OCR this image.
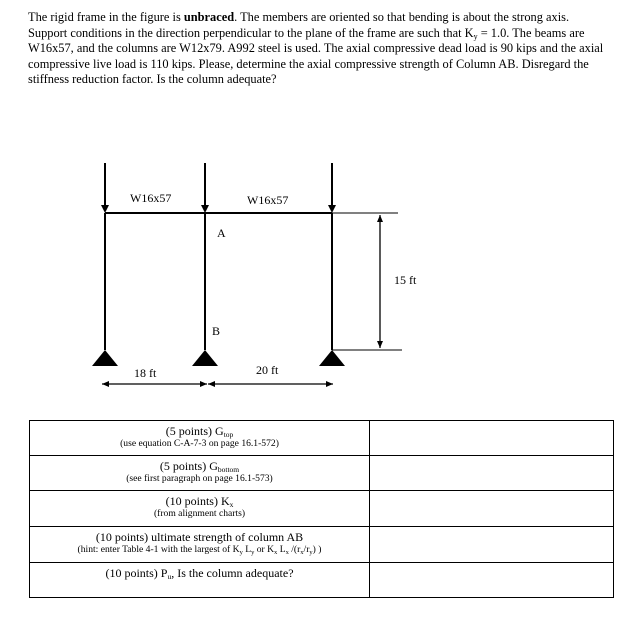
The rigid frame in the figure is unbraced. The members are oriented so that bending is about the strong axis. Support conditions in the direction perpendicular to the plane of the frame are such that $K_y = 1.0$. The beams are W16x57, and the columns are W12x79. A992 steel is used. The axial compressive dead load is 90 kips and the axial compressive live load is 110 kips. Please, determine the axial compressive strength of Column AB. Disregard the stiffness reduction factor. Is the column adequate?

W16x57	W16x57
A
B
15 ft
18 ft	20 ft
(5 points) $G_{top}$
(use equation C-A-7-3 on page 16.1-572)	

(5 points) $G_{bottom}$
(see first paragraph on page 16.1-573)	

(10 points) $K_x$
(from alignment charts)	

(10 points) ultimate strength of column AB
(hint: enter Table 4-1 with the largest of $K_y$ $L_y$ or $K_x$ $L_x$ $/(r_x/r_y)$ )	

(10 points) $P_u$, Is the column adequate?	
